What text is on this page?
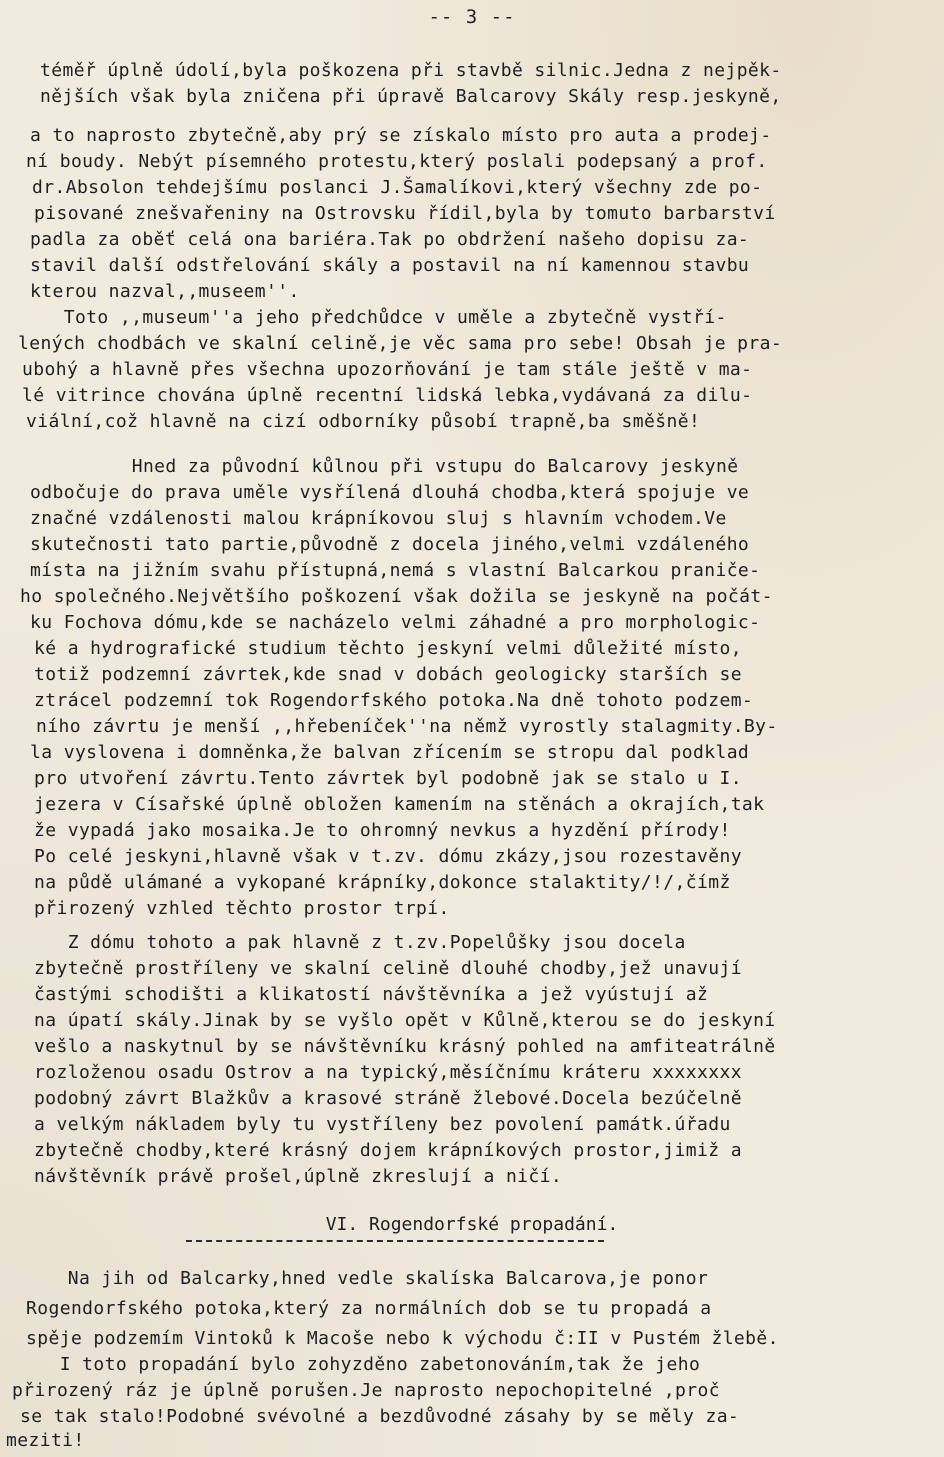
-- 3 --
téměř úplně údolí,byla poškozena při stavbě silnic.Jedna z nejpěk-
nějších však byla zničena při úpravě Balcarovy Skály resp.jeskyně,
a to naprosto zbytečně,aby prý se získalo místo pro auta a prodej-
ní boudy. Nebýt písemného protestu,který poslali podepsaný a prof.
dr.Absolon tehdejšímu poslanci J.Šamalíkovi,který všechny zde po-
pisované znešvařeniny na Ostrovsku řídil,byla by tomuto barbarství
padla za oběť celá ona bariéra.Tak po obdržení našeho dopisu za-
stavil další odstřelování skály a postavil na ní kamennou stavbu
kterou nazval,,museem''.
Toto ,,museum''a jeho předchůdce v uměle a zbytečně vystří-
lených chodbách ve skalní celině,je věc sama pro sebe! Obsah je pra-
ubohý a hlavně přes všechna upozorňování je tam stále ještě v ma-
lé vitrince chována úplně recentní lidská lebka,vydávaná za dilu-
viální,což hlavně na cizí odborníky působí trapně,ba směšně!
Hned za původní kůlnou při vstupu do Balcarovy jeskyně
odbočuje do prava uměle vysřílená dlouhá chodba,která spojuje ve
značné vzdálenosti malou krápníkovou sluj s hlavním vchodem.Ve
skutečnosti tato partie,původně z docela jiného,velmi vzdáleného
místa na jižním svahu přístupná,nemá s vlastní Balcarkou praniče-
ho společného.Největšího poškození však dožila se jeskyně na počát-
ku Fochova dómu,kde se nacházelo velmi záhadné a pro morphologic-
ké a hydrografické studium těchto jeskyní velmi důležité místo,
totiž podzemní závrtek,kde snad v dobách geologicky starších se
ztrácel podzemní tok Rogendorfského potoka.Na dně tohoto podzem-
ního závrtu je menší ,,hřebeníček''na němž vyrostly stalagmity.By-
la vyslovena i domněnka,že balvan zřícením se stropu dal podklad
pro utvoření závrtu.Tento závrtek byl podobně jak se stalo u I.
jezera v Císařské úplně obložen kamením na stěnách a okrajích,tak
že vypadá jako mosaika.Je to ohromný nevkus a hyzdění přírody!
Po celé jeskyni,hlavně však v t.zv. dómu zkázy,jsou rozestavěny
na půdě ulámané a vykopané krápníky,dokonce stalaktity/!/,čímž
přirozený vzhled těchto prostor trpí.
Z dómu tohoto a pak hlavně z t.zv.Popelůšky jsou docela
zbytečně prostříleny ve skalní celině dlouhé chodby,jež unavují
častými schodišti a klikatostí návštěvníka a jež vyústují až
na úpatí skály.Jinak by se vyšlo opět v Kůlně,kterou se do jeskyní
vešlo a naskytnul by se návštěvníku krásný pohled na amfiteatrálně
rozloženou osadu Ostrov a na typický,měsíčnímu kráteru xxxxxxxx
podobný závrt Blažkův a krasové stráně žlebové.Docela bezúčelně
a velkým nákladem byly tu vystříleny bez povolení památk.úřadu
zbytečně chodby,které krásný dojem krápníkových prostor,jimiž a
návštěvník právě prošel,úplně zkreslují a ničí.
VI. Rogendorfské propadání.
Na jih od Balcarky,hned vedle skalíska Balcarova,je ponor
Rogendorfského potoka,který za normálních dob se tu propadá a
spěje podzemím Vintoků k Macoše nebo k východu č:II v Pustém žlebě.
I toto propadání bylo zohyzděno zabetonováním,tak že jeho
přirozený ráz je úplně porušen.Je naprosto nepochopitelné ,proč
se tak stalo!Podobné svévolné a bezdůvodné zásahy by se měly za-
meziti!
